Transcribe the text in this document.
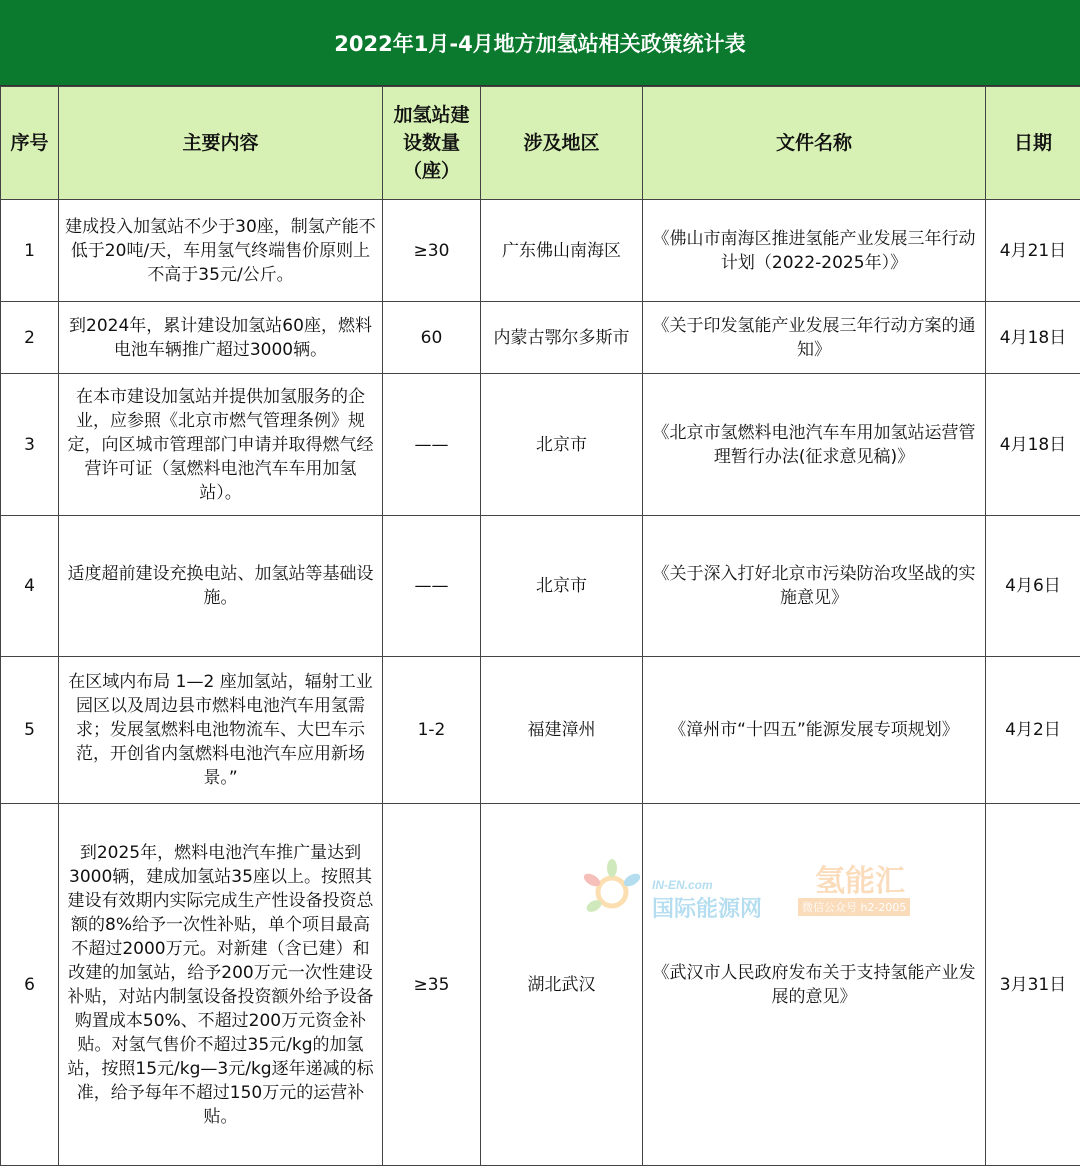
2022年1月-4月地方加氢站相关政策统计表
序号	主要内容	加氢站建设数量（座）	涉及地区	文件名称	日期
1	建成投入加氢站不少于30座，制氢产能不低于20吨/天，车用氢气终端售价原则上不高于35元/公斤。	≥30	广东佛山南海区	《佛山市南海区推进氢能产业发展三年行动计划（2022-2025年）》	4月21日
2	到2024年，累计建设加氢站60座，燃料电池车辆推广超过3000辆。	60	内蒙古鄂尔多斯市	《关于印发氢能产业发展三年行动方案的通知》	4月18日
3	在本市建设加氢站并提供加氢服务的企业，应参照《北京市燃气管理条例》规定，向区城市管理部门申请并取得燃气经营许可证（氢燃料电池汽车车用加氢站）。	——	北京市	《北京市氢燃料电池汽车车用加氢站运营管理暂行办法(征求意见稿)》	4月18日
4	适度超前建设充换电站、加氢站等基础设施。	——	北京市	《关于深入打好北京市污染防治攻坚战的实施意见》	4月6日
5	在区域内布局 1—2 座加氢站，辐射工业园区以及周边县市燃料电池汽车用氢需求；发展氢燃料电池物流车、大巴车示范，开创省内氢燃料电池汽车应用新场景。”	1-2	福建漳州	《漳州市“十四五”能源发展专项规划》	4月2日
6	到2025年，燃料电池汽车推广量达到3000辆，建成加氢站35座以上。按照其建设有效期内实际完成生产性设备投资总额的8%给予一次性补贴，单个项目最高不超过2000万元。对新建（含已建）和改建的加氢站，给予200万元一次性建设补贴，对站内制氢设备投资额外给予设备购置成本50%、不超过200万元资金补贴。对氢气售价不超过35元/kg的加氢站，按照15元/kg—3元/kg逐年递减的标准，给予每年不超过150万元的运营补贴。	≥35	湖北武汉	《武汉市人民政府发布关于支持氢能产业发展的意见》	3月31日
IN-EN.com
国际能源网
氢能汇
微信公众号 h2-2005
